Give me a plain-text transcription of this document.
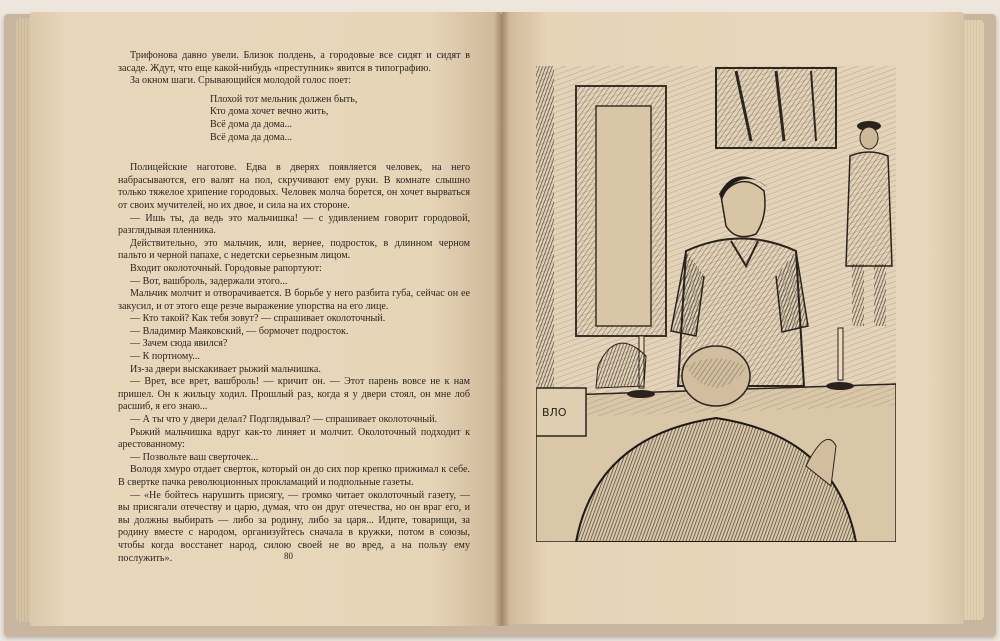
Трифонова давно увели. Близок полдень, а городовые все сидят и сидят в засаде. Ждут, что еще какой-нибудь «преступник» явится в типографию.

За окном шаги. Срывающийся молодой голос поет:

Плохой тот мельник должен быть,
Кто дома хочет вечно жить,
Всё дома да дома...
Всё дома да дома...

Полицейские наготове. Едва в дверях появляется человек, на него набрасываются, его валят на пол, скручивают ему руки. В комнате слышно только тяжелое хрипение городовых. Человек молча борется, он хочет вырваться от своих мучителей, но их двое, и сила на их стороне.

— Ишь ты, да ведь это мальчишка! — с удивлением говорит городовой, разглядывая пленника.

Действительно, это мальчик, или, вернее, подросток, в длинном черном пальто и черной папахе, с недетски серьезным лицом.

Входит околоточный. Городовые рапортуют:

— Вот, вашброль, задержали этого...

Мальчик молчит и отворачивается. В борьбе у него разбита губа, сейчас он ее закусил, и от этого еще резче выражение упорства на его лице.

— Кто такой? Как тебя зовут? — спрашивает околоточный.

— Владимир Маяковский, — бормочет подросток.

— Зачем сюда явился?

— К портному...

Из-за двери выскакивает рыжий мальчишка.

— Врет, все врет, вашброль! — кричит он. — Этот парень вовсе не к нам пришел. Он к жильцу ходил. Прошлый раз, когда я у двери стоял, он мне лоб расшиб, я его знаю...

— А ты что у двери делал? Подглядывал? — спрашивает околоточный.

Рыжий мальчишка вдруг как-то линяет и молчит. Околоточный подходит к арестованному:

— Позвольте ваш сверточек...

Володя хмуро отдает сверток, который он до сих пор крепко прижимал к себе. В свертке пачка революционных прокламаций и подпольные газеты.

— «Не бойтесь нарушить присягу, — громко читает околоточный газету, — вы присягали отечеству и царю, думая, что он друг отечества, но он враг его, и вы должны выбирать — либо за родину, либо за царя... Идите, товарищи, за родину вместе с народом, организуйтесь сначала в кружки, потом в союзы, чтобы когда восстанет народ, силою своей не во вред, а на пользу ему послужить».	80
ВЛО
